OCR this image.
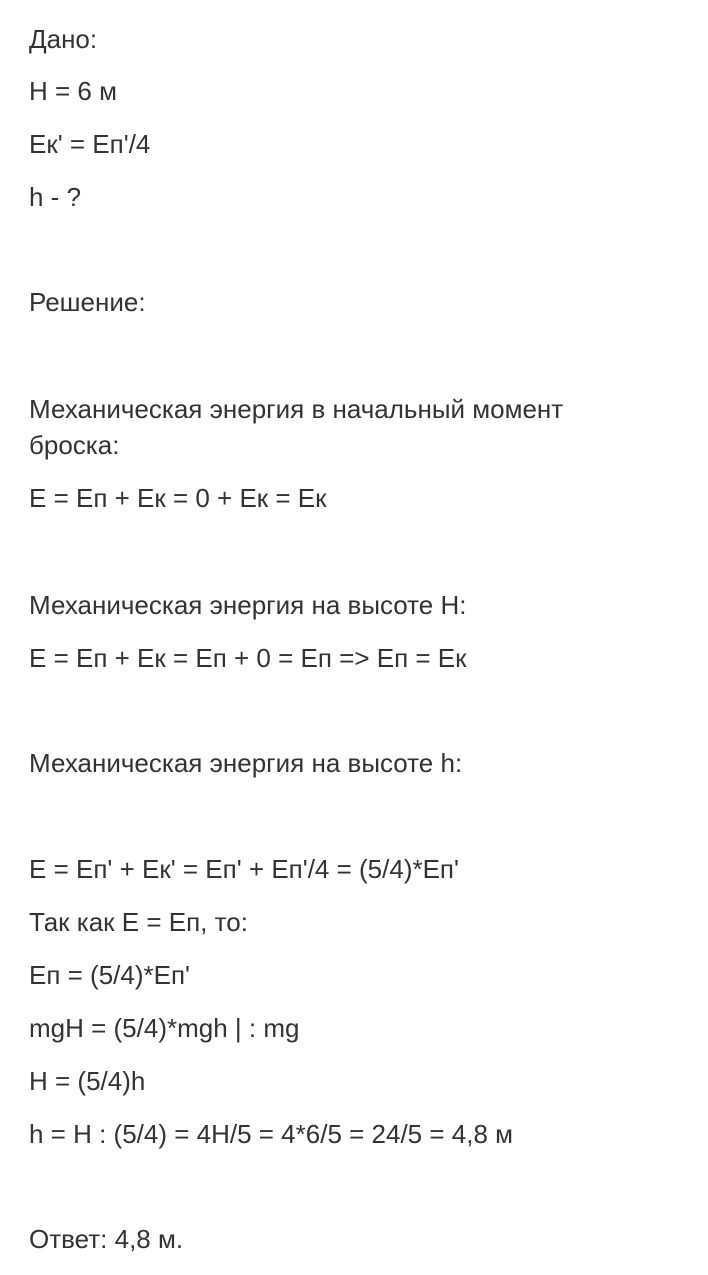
Дано:

H = 6 м

Eк' = Eп'/4

h - ?

Решение:

Механическая энергия в начальный момент

броска:

E = Eп + Eк = 0 + Eк = Eк

Механическая энергия на высоте H:

E = Eп + Eк = Eп + 0 = Eп => Eп = Eк

Механическая энергия на высоте h:

E = Eп' + Eк' = Eп' + Eп'/4 = (5/4)*Eп'

Так как E = Eп, то:

Eп = (5/4)*Eп'

mgH = (5/4)*mgh | : mg

H = (5/4)h

h = H : (5/4) = 4H/5 = 4*6/5 = 24/5 = 4,8 м

Ответ: 4,8 м.
